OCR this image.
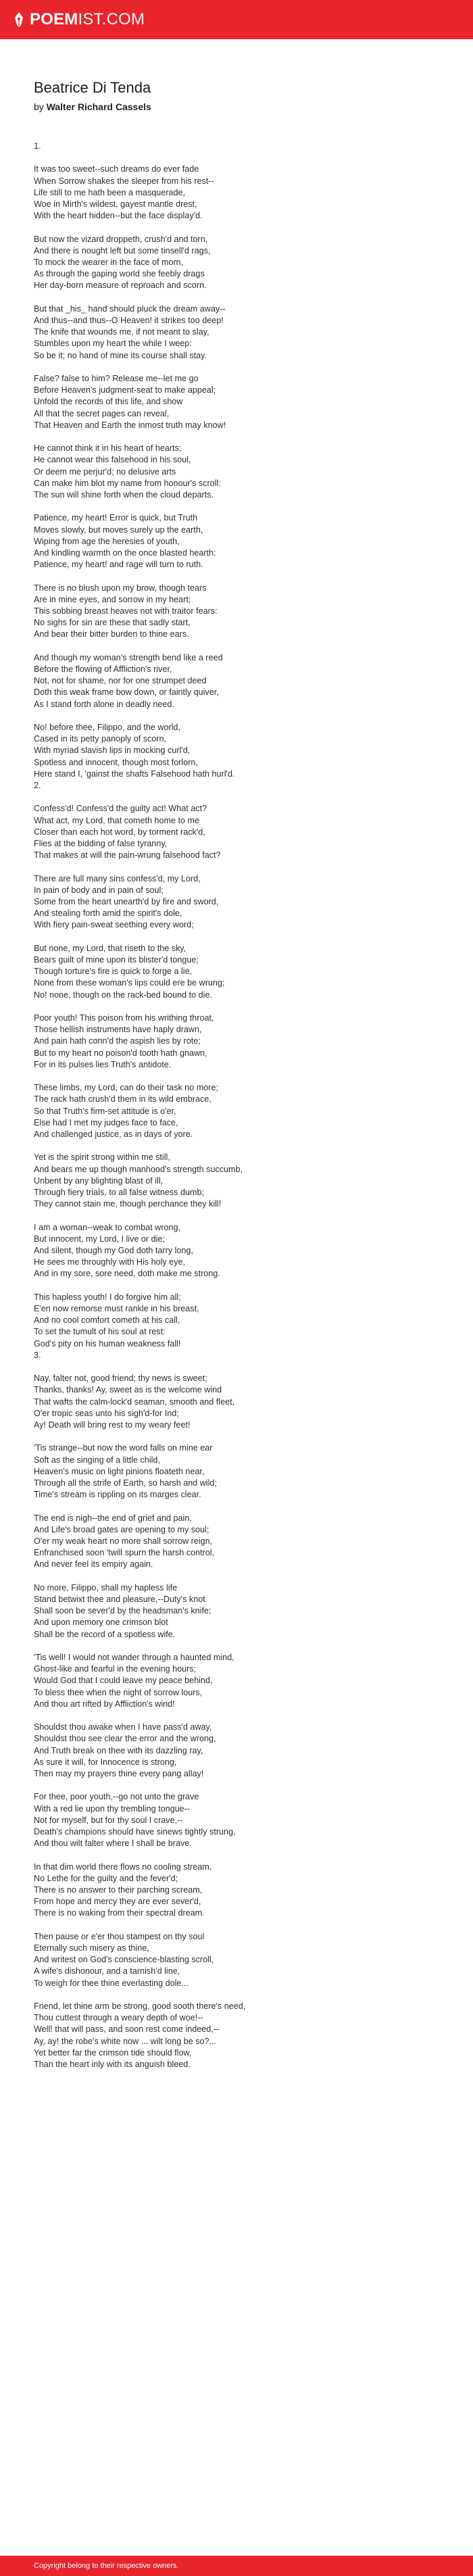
POEMIST.COM
Beatrice Di Tenda
by Walter Richard Cassels
1.
It was too sweet--such dreams do ever fade
When Sorrow shakes the sleeper from his rest--
Life still to me hath been a masquerade,
Woe in Mirth's wildest, gayest mantle drest,
With the heart hidden--but the face display'd.
But now the vizard droppeth, crush'd and torn,
And there is nought left but some tinsell'd rags,
To mock the wearer in the face of morn,
As through the gaping world she feebly drags
Her day-born measure of reproach and scorn.
But that _his_ hand should pluck the dream away--
And thus--and thus--O Heaven! it strikes too deep!
The knife that wounds me, if not meant to slay,
Stumbles upon my heart the while I weep:
So be it; no hand of mine its course shall stay.
False? false to him? Release me--let me go
Before Heaven's judgment-seat to make appeal;
Unfold the records of this life, and show
All that the secret pages can reveal,
That Heaven and Earth the inmost truth may know!
He cannot think it in his heart of hearts;
He cannot wear this falsehood in his soul,
Or deem me perjur'd; no delusive arts
Can make him blot my name from honour's scroll:
The sun will shine forth when the cloud departs.
Patience, my heart! Error is quick, but Truth
Moves slowly, but moves surely up the earth,
Wiping from age the heresies of youth,
And kindling warmth on the once blasted hearth:
Patience, my heart! and rage will turn to ruth.
There is no blush upon my brow, though tears
Are in mine eyes, and sorrow in my heart;
This sobbing breast heaves not with traitor fears:
No sighs for sin are these that sadly start,
And bear their bitter burden to thine ears.
And though my woman's strength bend like a reed
Before the flowing of Affliction's river,
Not, not for shame, nor for one strumpet deed
Doth this weak frame bow down, or faintly quiver,
As I stand forth alone in deadly need.
No! before thee, Filippo, and the world,
Cased in its petty panoply of scorn,
With myriad slavish lips in mocking curl'd,
Spotless and innocent, though most forlorn,
Here stand I, 'gainst the shafts Falsehood hath hurl'd.
2.
Confess'd! Confess'd the guilty act! What act?
What act, my Lord, that cometh home to me
Closer than each hot word, by torment rack'd,
Flies at the bidding of false tyranny,
That makes at will the pain-wrung falsehood fact?
There are full many sins confess'd, my Lord,
In pain of body and in pain of soul;
Some from the heart unearth'd by fire and sword,
And stealing forth amid the spirit's dole,
With fiery pain-sweat seething every word;
But none, my Lord, that riseth to the sky,
Bears guilt of mine upon its blister'd tongue;
Though torture's fire is quick to forge a lie,
None from these woman's lips could ere be wrung;
No! none, though on the rack-bed bound to die.
Poor youth! This poison from his writhing throat,
Those hellish instruments have haply drawn,
And pain hath conn'd the aspish lies by rote;
But to my heart no poison'd tooth hath gnawn,
For in its pulses lies Truth's antidote.
These limbs, my Lord, can do their task no more;
The rack hath crush'd them in its wild embrace,
So that Truth's firm-set attitude is o'er,
Else had I met my judges face to face,
And challenged justice, as in days of yore.
Yet is the spirit strong within me still,
And bears me up though manhood's strength succumb,
Unbent by any blighting blast of ill,
Through fiery trials, to all false witness dumb;
They cannot stain me, though perchance they kill!
I am a woman--weak to combat wrong,
But innocent, my Lord, I live or die;
And silent, though my God doth tarry long,
He sees me throughly with His holy eye,
And in my sore, sore need, doth make me strong.
This hapless youth! I do forgive him all;
E'en now remorse must rankle in his breast,
And no cool comfort cometh at his call,
To set the tumult of his soul at rest:
God's pity on his human weakness fall!
3.
Nay, falter not, good friend; thy news is sweet;
Thanks, thanks! Ay, sweet as is the welcome wind
That wafts the calm-lock'd seaman, smooth and fleet,
O'er tropic seas unto his sigh'd-for Ind;
Ay! Death will bring rest to my weary feet!
'Tis strange--but now the word falls on mine ear
Soft as the singing of a little child,
Heaven's music on light pinions floateth near,
Through all the strife of Earth, so harsh and wild;
Time's stream is rippling on its marges clear.
The end is nigh--the end of grief and pain,
And Life's broad gates are opening to my soul;
O'er my weak heart no more shall sorrow reign,
Enfranchised soon 'twill spurn the harsh control,
And never feel its empiry again.
No more, Filippo, shall my hapless life
Stand betwixt thee and pleasure,--Duty's knot
Shall soon be sever'd by the headsman's knife;
And upon memory one crimson blot
Shall be the record of a spotless wife.
'Tis well! I would not wander through a haunted mind,
Ghost-like and fearful in the evening hours;
Would God that I could leave my peace behind,
To bless thee when the night of sorrow lours,
And thou art rifted by Affliction's wind!
Shouldst thou awake when I have pass'd away,
Shouldst thou see clear the error and the wrong,
And Truth break on thee with its dazzling ray,
As sure it will, for Innocence is strong,
Then may my prayers thine every pang allay!
For thee, poor youth,--go not unto the grave
With a red lie upon thy trembling tongue--
Not for myself, but for thy soul I crave,--
Death's champions should have sinews tightly strung,
And thou wilt falter where I shall be brave.
In that dim world there flows no cooling stream,
No Lethe for the guilty and the fever'd;
There is no answer to their parching scream,
From hope and mercy they are ever sever'd,
There is no waking from their spectral dream.
Then pause or e'er thou stampest on thy soul
Eternally such misery as thine,
And writest on God's conscience-blasting scroll,
A wife's dishonour, and a tarnish'd line,
To weigh for thee thine everlasting dole...
Friend, let thine arm be strong, good sooth there's need,
Thou cuttest through a weary depth of woe!--
Well! that will pass, and soon rest come indeed,--
Ay, ay! the robe's white now ... wilt long be so?...
Yet better far the crimson tide should flow,
Than the heart inly with its anguish bleed.
Copyright belong to their respective owners.
